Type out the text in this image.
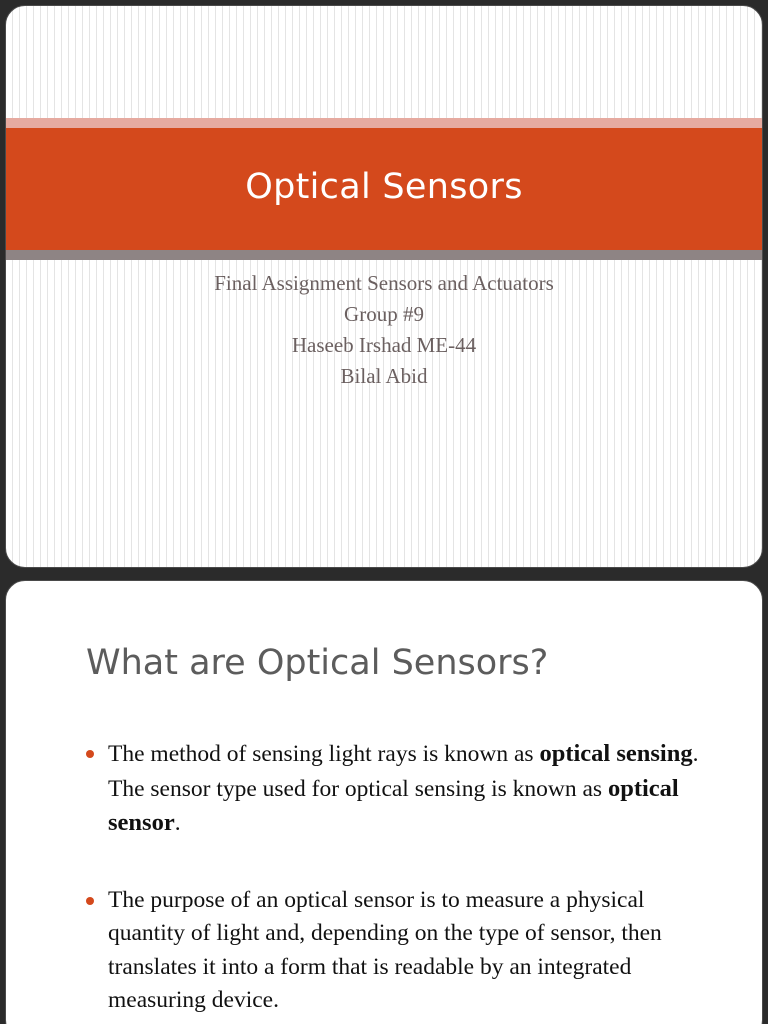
Optical Sensors
Final Assignment Sensors and Actuators
Group #9
Haseeb Irshad ME-44
Bilal Abid
What are Optical Sensors?
The method of sensing light rays is known as optical sensing. The sensor type used for optical sensing is known as optical sensor.
The purpose of an optical sensor is to measure a physical quantity of light and, depending on the type of sensor, then translates it into a form that is readable by an integrated measuring device.
